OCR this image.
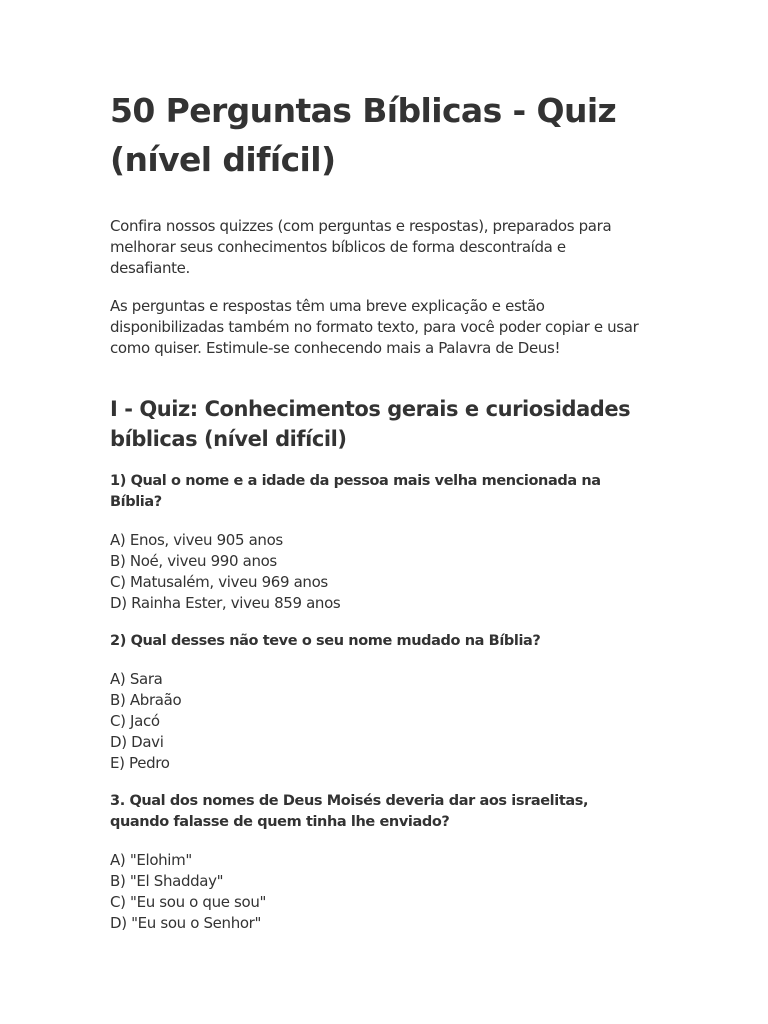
50 Perguntas Bíblicas - Quiz (nível difícil)

Confira nossos quizzes (com perguntas e respostas), preparados para melhorar seus conhecimentos bíblicos de forma descontraída e desafiante.

As perguntas e respostas têm uma breve explicação e estão disponibilizadas também no formato texto, para você poder copiar e usar como quiser. Estimule-se conhecendo mais a Palavra de Deus!

I - Quiz: Conhecimentos gerais e curiosidades bíblicas (nível difícil)

1) Qual o nome e a idade da pessoa mais velha mencionada na Bíblia?

A) Enos, viveu 905 anos
B) Noé, viveu 990 anos
C) Matusalém, viveu 969 anos
D) Rainha Ester, viveu 859 anos

2) Qual desses não teve o seu nome mudado na Bíblia?

A) Sara
B) Abraão
C) Jacó
D) Davi
E) Pedro

3. Qual dos nomes de Deus Moisés deveria dar aos israelitas, quando falasse de quem tinha lhe enviado?

A) "Elohim"
B) "El Shadday"
C) "Eu sou o que sou"
D) "Eu sou o Senhor"
